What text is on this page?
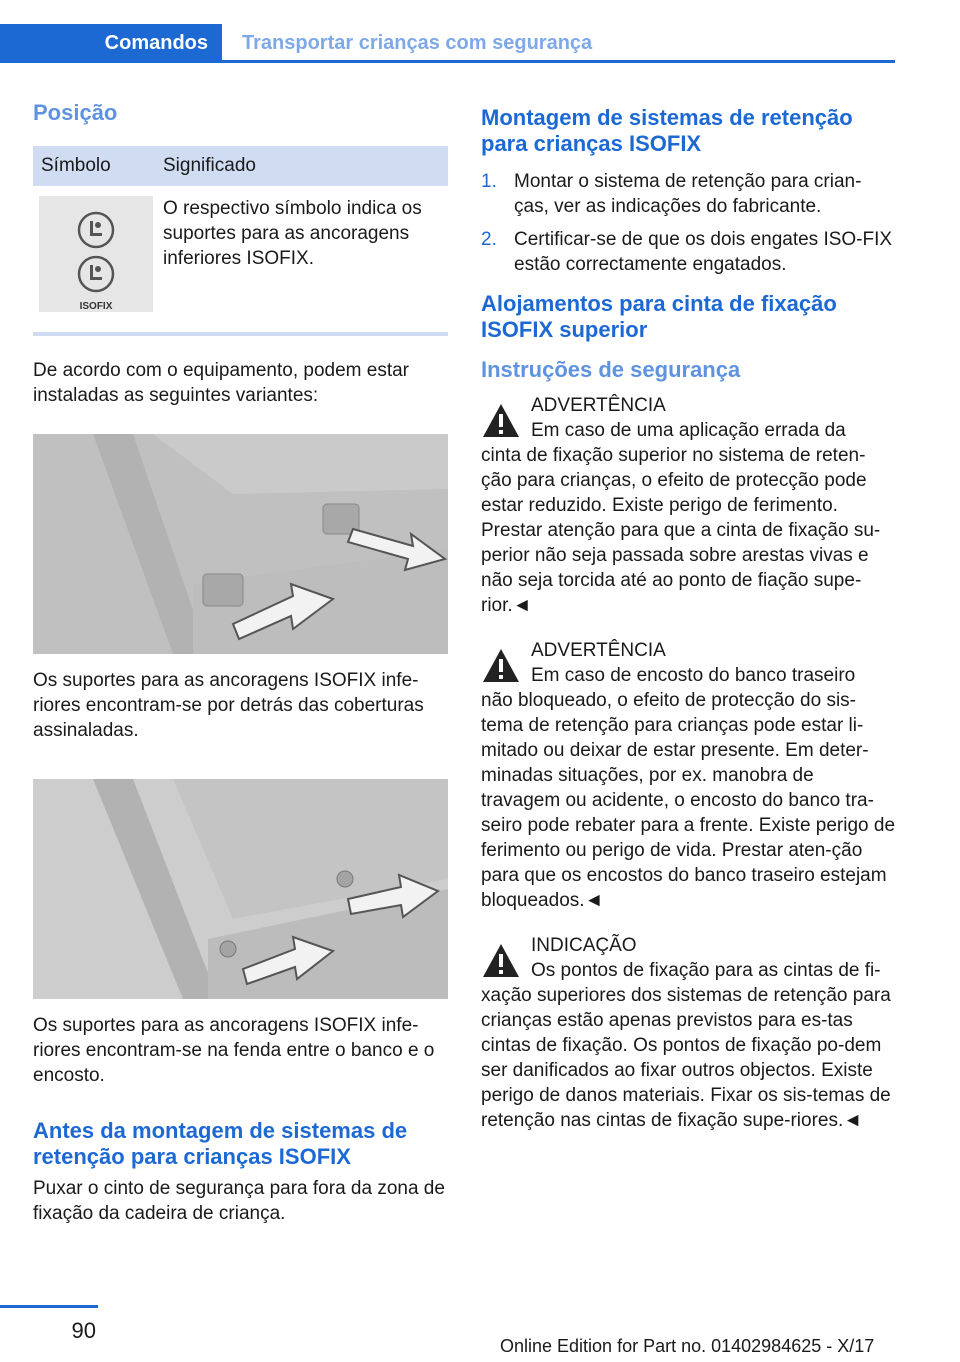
Comandos	Transportar crianças com segurança
Posição
Símbolo	Significado

ISOFIX	O respectivo símbolo indica os suportes para as ancoragens inferiores ISOFIX.

De acordo com o equipamento, podem estar instaladas as seguintes variantes:

Os suportes para as ancoragens ISOFIX infe-riores encontram-se por detrás das coberturas assinaladas.

Os suportes para as ancoragens ISOFIX infe-riores encontram-se na fenda entre o banco e o encosto.

Antes da montagem de sistemas de retenção para crianças ISOFIX

Puxar o cinto de segurança para fora da zona de fixação da cadeira de criança.

Montagem de sistemas de retenção para crianças ISOFIX
1. Montar o sistema de retenção para crian-ças, ver as indicações do fabricante.
2. Certificar-se de que os dois engates ISO-FIX estão correctamente engatados.
Alojamentos para cinta de fixação ISOFIX superior
Instruções de segurança
ADVERTÊNCIA
Em caso de uma aplicação errada da
cinta de fixação superior no sistema de reten-ção para crianças, o efeito de protecção pode estar reduzido. Existe perigo de ferimento. Prestar atenção para que a cinta de fixação su-perior não seja passada sobre arestas vivas e não seja torcida até ao ponto de fiação supe-rior.◄
ADVERTÊNCIA
Em caso de encosto do banco traseiro
não bloqueado, o efeito de protecção do sis-tema de retenção para crianças pode estar li-mitado ou deixar de estar presente. Em deter-minadas situações, por ex. manobra de travagem ou acidente, o encosto do banco tra-seiro pode rebater para a frente. Existe perigo de ferimento ou perigo de vida. Prestar aten-ção para que os encostos do banco traseiro estejam bloqueados.◄
INDICAÇÃO
Os pontos de fixação para as cintas de fi-
xação superiores dos sistemas de retenção para crianças estão apenas previstos para es-tas cintas de fixação. Os pontos de fixação po-dem ser danificados ao fixar outros objectos. Existe perigo de danos materiais. Fixar os sis-temas de retenção nas cintas de fixação supe-riores.◄
90
Online Edition for Part no. 01402984625 - X/17
